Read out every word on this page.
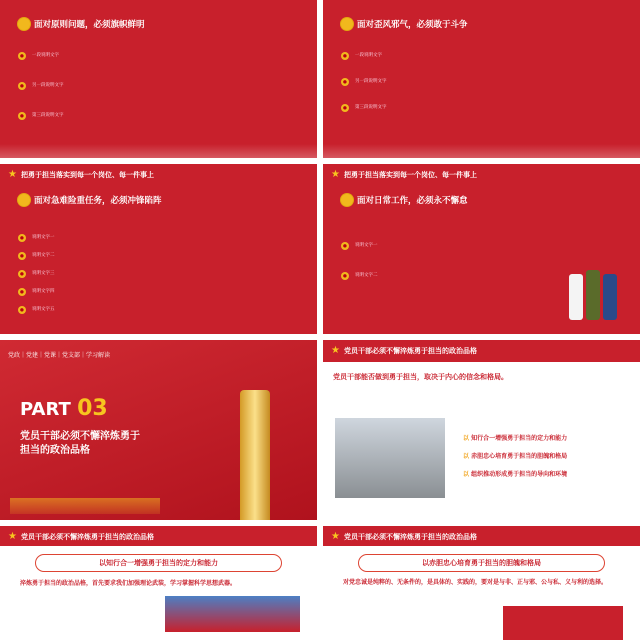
面对原则问题，必须旗帜鲜明
●	一段说明文字
●	另一段说明文字
●	第三段说明文字
面对歪风邪气，必须敢于斗争
●	一段说明文字
●	另一段说明文字
●	第三段说明文字
★ 把勇于担当落实到每一个岗位、每一件事上
面对急难险重任务，必须冲锋陷阵
●	说明文字一
●	说明文字二
●	说明文字三
●	说明文字四
●	说明文字五
★ 把勇于担当落实到每一个岗位、每一件事上
面对日常工作，必须永不懈怠
●	说明文字一
●	说明文字二
党政｜党建｜党课｜党支部｜学习解读
PART 03
党员干部必须不懈淬炼勇于
担当的政治品格
★ 党员干部必须不懈淬炼勇于担当的政治品格
党员干部能否做到勇于担当，取决于内心的信念和格局。
以 知行合一增强勇于担当的定力和能力
以 赤胆忠心培育勇于担当的胆魄和格局
以 组织推动形成勇于担当的导向和环境
★ 党员干部必须不懈淬炼勇于担当的政治品格
以知行合一增强勇于担当的定力和能力
淬炼勇于担当的政治品格，首先要求我们加强理论武装，学习掌握科学思想武器。
★ 党员干部必须不懈淬炼勇于担当的政治品格
以赤胆忠心培育勇于担当的胆魄和格局
对党忠诚是纯粹的、无条件的，是具体的、实践的，要对是与非、正与邪、公与私、义与利的选择。
